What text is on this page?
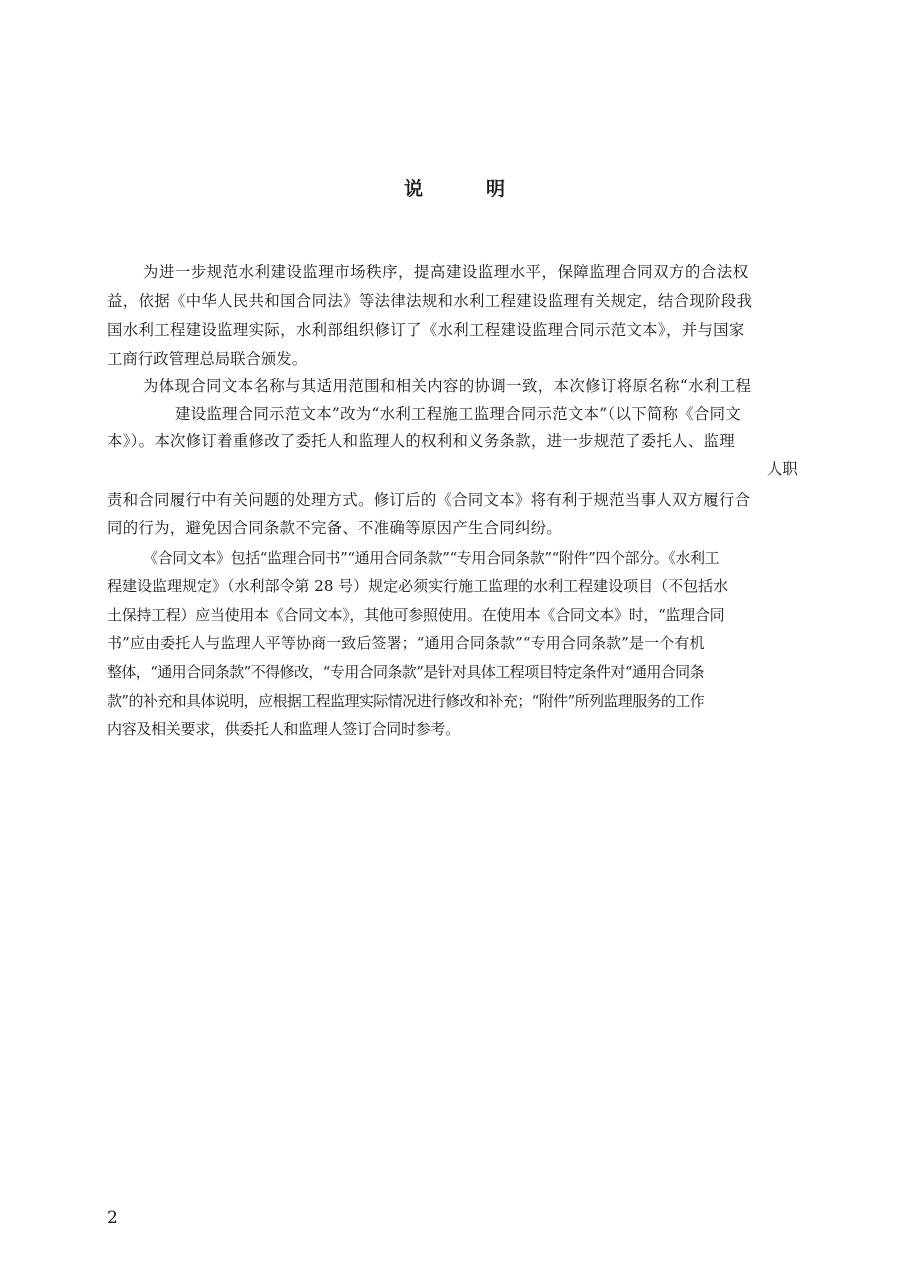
说　明
为进一步规范水利建设监理市场秩序，提高建设监理水平，保障监理合同双方的合法权
益，依据《中华人民共和国合同法》等法律法规和水利工程建设监理有关规定，结合现阶段我
国水利工程建设监理实际，水利部组织修订了《水利工程建设监理合同示范文本》，并与国家
工商行政管理总局联合颁发。
为体现合同文本名称与其适用范围和相关内容的协调一致，本次修订将原名称“水利工程
建设监理合同示范文本”改为“水利工程施工监理合同示范文本”（以下简称《合同文
本》）。本次修订着重修改了委托人和监理人的权利和义务条款，进一步规范了委托人、监理
人职
责和合同履行中有关问题的处理方式。修订后的《合同文本》将有利于规范当事人双方履行合
同的行为，避免因合同条款不完备、不准确等原因产生合同纠纷。
《合同文本》包括“监理合同书”“通用合同条款”“专用合同条款”“附件”四个部分。《水利工
程建设监理规定》（水利部令第 28 号）规定必须实行施工监理的水利工程建设项目（不包括水
土保持工程）应当使用本《合同文本》，其他可参照使用。在使用本《合同文本》时，“监理合同
书”应由委托人与监理人平等协商一致后签署；“通用合同条款”“专用合同条款”是一个有机
整体，“通用合同条款”不得修改，“专用合同条款”是针对具体工程项目特定条件对“通用合同条
款”的补充和具体说明，应根据工程监理实际情况进行修改和补充；“附件”所列监理服务的工作
内容及相关要求，供委托人和监理人签订合同时参考。
2
